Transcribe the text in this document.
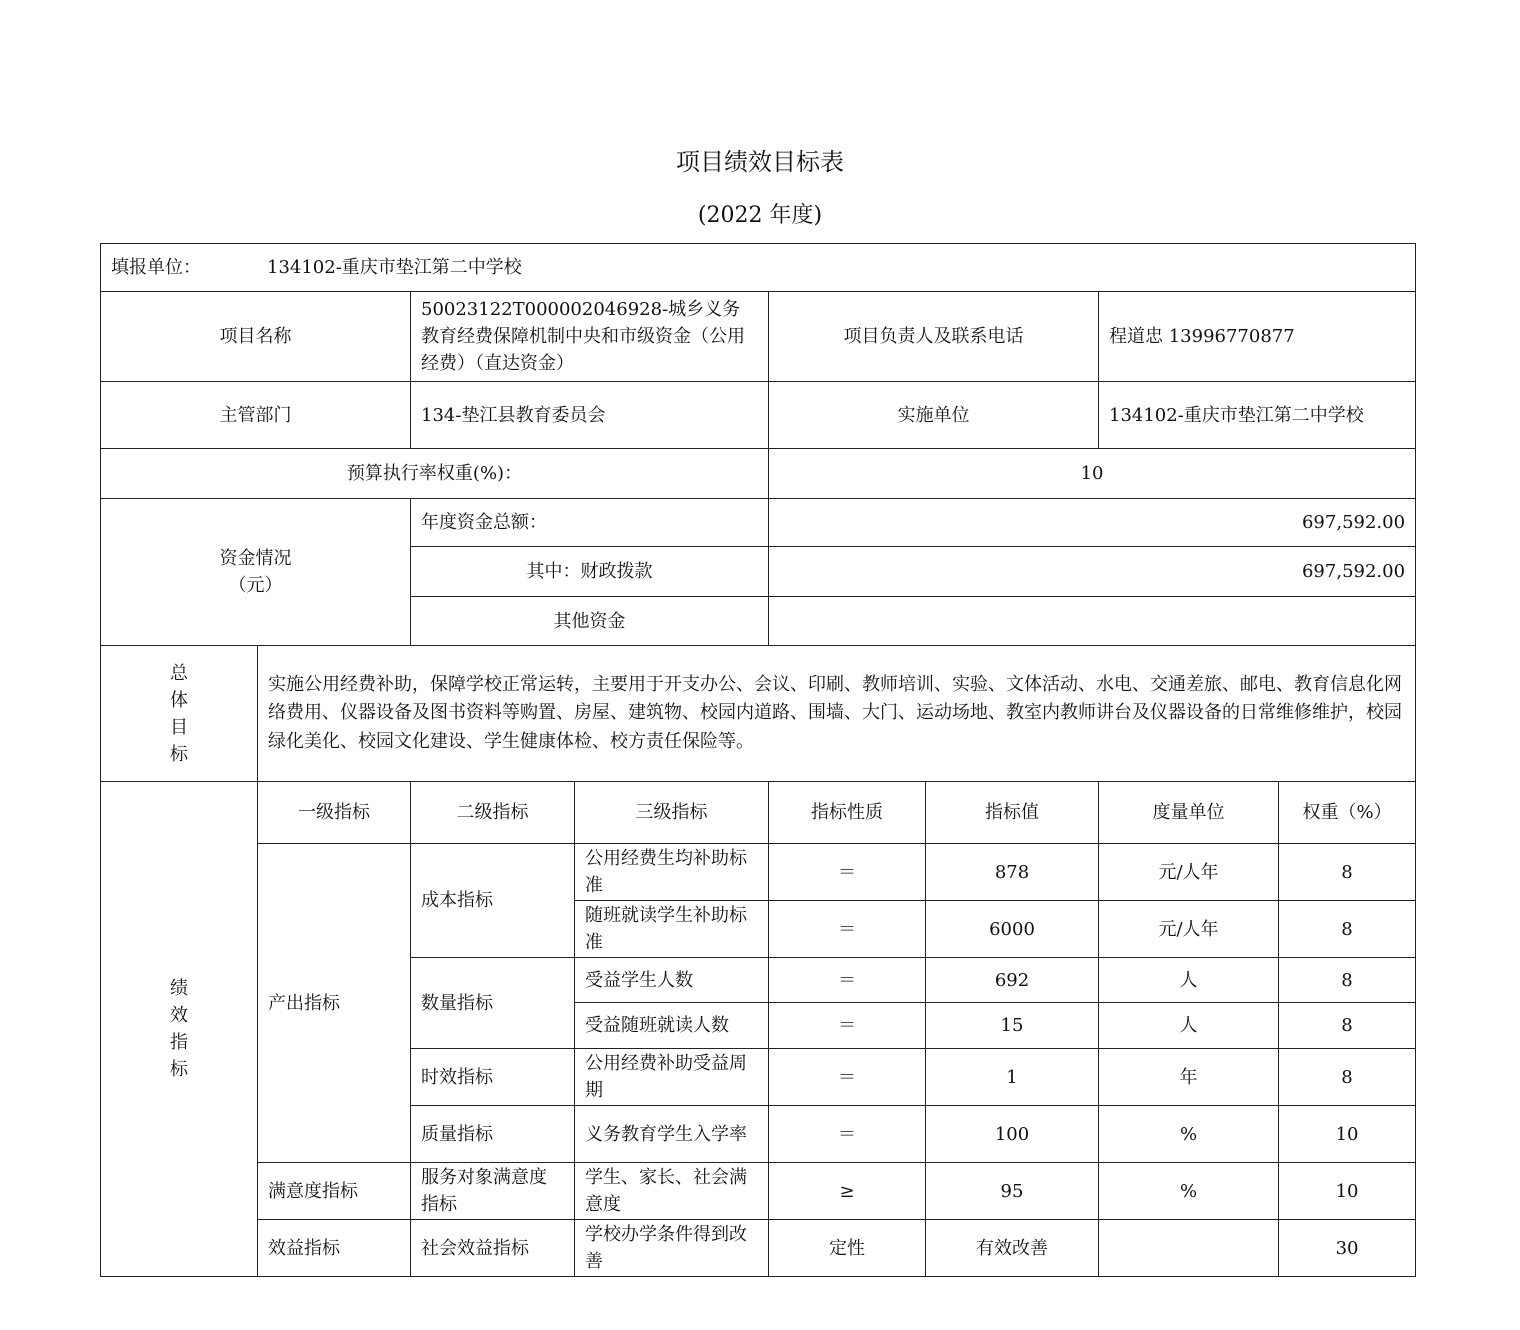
项目绩效目标表
(2022 年度)
填报单位： 134102-重庆市垫江第二中学校							
项目名称		50023122T000002046928-城乡义务教育经费保障机制中央和市级资金（公用经费）（直达资金）		项目负责人及联系电话		程道忠 13996770877	
主管部门		134-垫江县教育委员会		实施单位		134102-重庆市垫江第二中学校	
预算执行率权重(%)：				10			

资金情况
（元）		年度资金总额：		697,592.00			
		其中：财政拨款		697,592.00			
		其他资金					

总
体
目
标	实施公用经费补助，保障学校正常运转，主要用于开支办公、会议、印刷、教师培训、实验、文体活动、水电、交通差旅、邮电、教育信息化网络费用、仪器设备及图书资料等购置、房屋、建筑物、校园内道路、围墙、大门、运动场地、教室内教师讲台及仪器设备的日常维修维护，校园绿化美化、校园文化建设、学生健康体检、校方责任保险等。						

绩
效
指
标	一级指标	二级指标	三级指标	指标性质	指标值	度量单位	权重（%）
	产出指标	成本指标	公用经费生均补助标准	＝	878	元/人年	8
			随班就读学生补助标准	＝	6000	元/人年	8
		数量指标	受益学生人数	＝	692	人	8
			受益随班就读人数	＝	15	人	8
		时效指标	公用经费补助受益周期	＝	1	年	8
		质量指标	义务教育学生入学率	＝	100	%	10
	满意度指标	服务对象满意度指标	学生、家长、社会满意度	≥	95	%	10
	效益指标	社会效益指标	学校办学条件得到改善	定性	有效改善		30
